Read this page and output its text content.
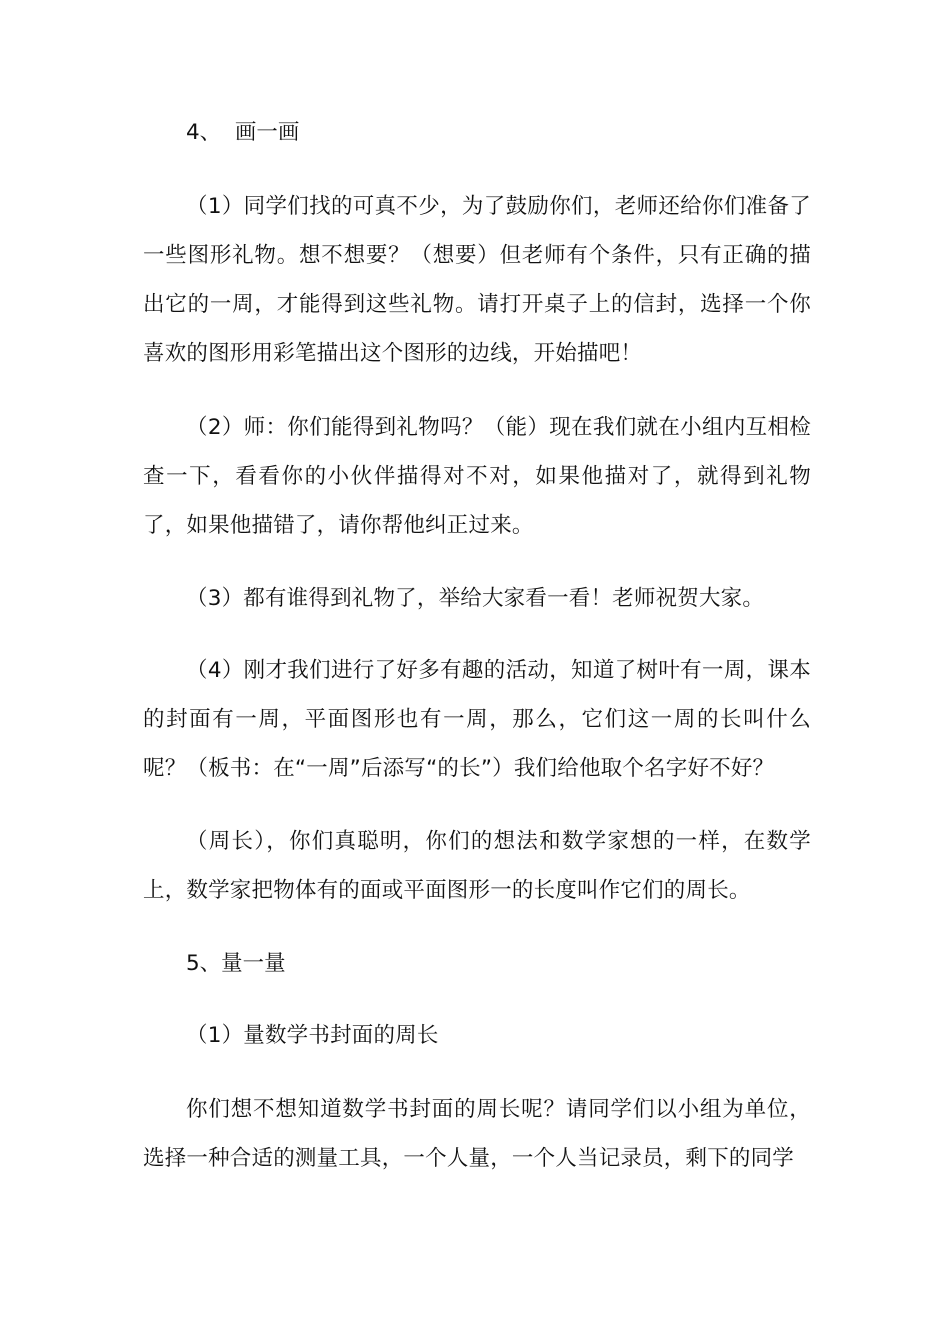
4、  画一画

（1）同学们找的可真不少，为了鼓励你们，老师还给你们准备了一些图形礼物。想不想要？（想要）但老师有个条件，只有正确的描出它的一周，才能得到这些礼物。请打开桌子上的信封，选择一个你喜欢的图形用彩笔描出这个图形的边线，开始描吧！

（2）师：你们能得到礼物吗？（能）现在我们就在小组内互相检查一下，看看你的小伙伴描得对不对，如果他描对了，就得到礼物了，如果他描错了，请你帮他纠正过来。

（3）都有谁得到礼物了，举给大家看一看！老师祝贺大家。

（4）刚才我们进行了好多有趣的活动，知道了树叶有一周，课本的封面有一周，平面图形也有一周，那么，它们这一周的长叫什么呢？（板书：在“一周”后添写“的长”）我们给他取个名字好不好？

（周长），你们真聪明，你们的想法和数学家想的一样，在数学上，数学家把物体有的面或平面图形一的长度叫作它们的周长。

5、量一量

（1）量数学书封面的周长

你们想不想知道数学书封面的周长呢？请同学们以小组为单位，选择一种合适的测量工具，一个人量，一个人当记录员，剩下的同学
